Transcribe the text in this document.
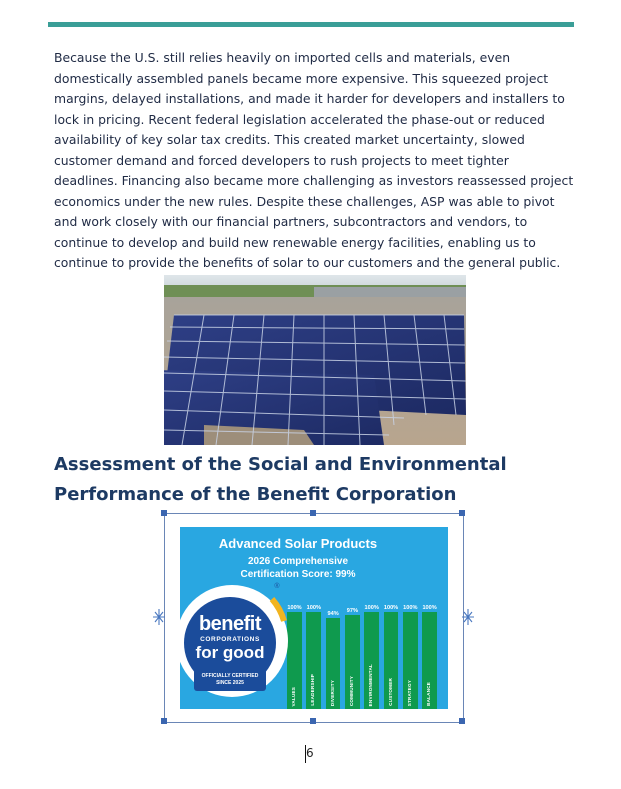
Because the U.S. still relies heavily on imported cells and materials, even domestically assembled panels became more expensive. This squeezed project margins, delayed installations, and made it harder for developers and installers to lock in pricing. Recent federal legislation accelerated the phase-out or reduced availability of key solar tax credits. This created market uncertainty, slowed customer demand and forced developers to rush projects to meet tighter deadlines. Financing also became more challenging as investors reassessed project economics under the new rules. Despite these challenges, ASP was able to pivot and work closely with our financial partners, subcontractors and vendors, to continue to develop and build new renewable energy facilities, enabling us to continue to provide the benefits of solar to our customers and the general public.

Assessment of the Social and Environmental Performance of the Benefit Corporation

Advanced Solar Products
2026 Comprehensive
Certification Score: 99%
100%
VALUES
100%
LEADERSHIP
94%
DIVERSITY
97%
COMMUNITY
100%
ENVIRONMENTAL
100%
CUSTOMER
100%
STRATEGY
100%
BALANCE
benefit
CORPORATIONS
for good
OFFICIALLY CERTIFIED
SINCE 2025
®
6
